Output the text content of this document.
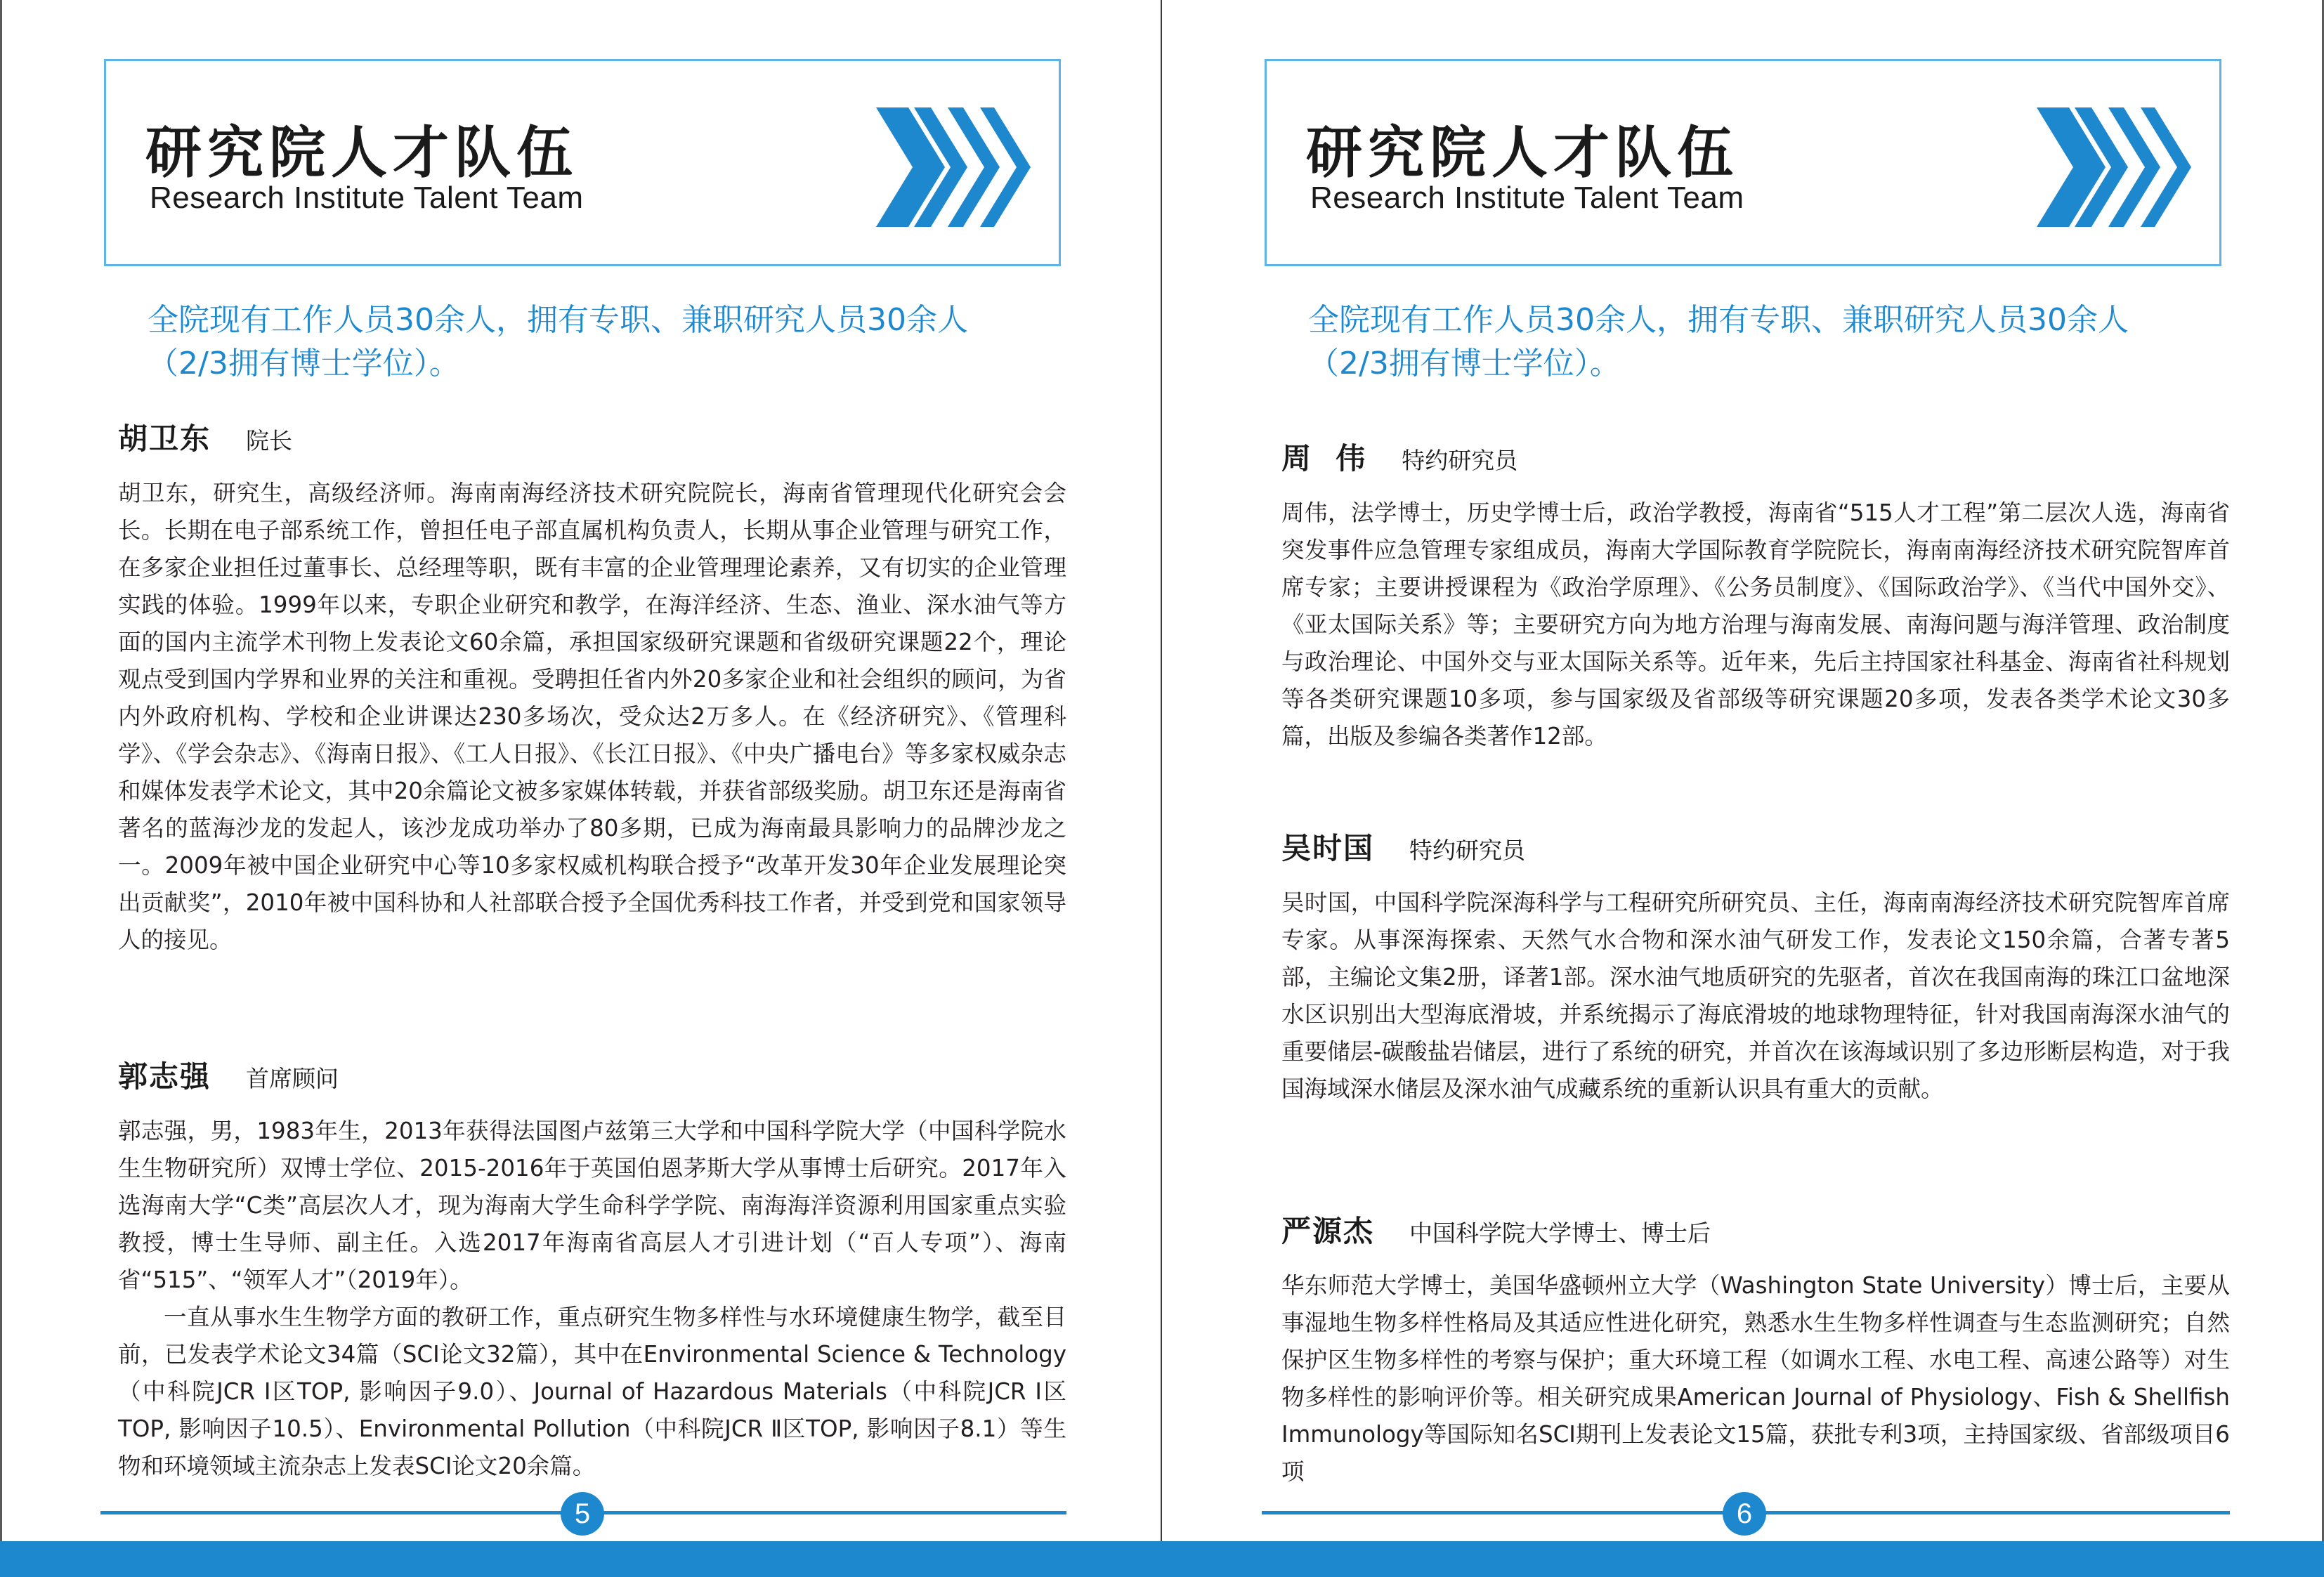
研究院人才队伍
Research Institute Talent Team
全院现有工作人员30余人，拥有专职、兼职研究人员30余人
（2/3拥有博士学位）。
胡卫东 院长

胡卫东，研究生，高级经济师。海南南海经济技术研究院院长，海南省管理现代化研究会会长。长期在电子部系统工作，曾担任电子部直属机构负责人，长期从事企业管理与研究工作，在多家企业担任过董事长、总经理等职，既有丰富的企业管理理论素养，又有切实的企业管理实践的体验。1999年以来，专职企业研究和教学，在海洋经济、生态、渔业、深水油气等方面的国内主流学术刊物上发表论文60余篇，承担国家级研究课题和省级研究课题22个，理论观点受到国内学界和业界的关注和重视。受聘担任省内外20多家企业和社会组织的顾问，为省内外政府机构、学校和企业讲课达230多场次，受众达2万多人。在《经济研究》、《管理科学》、《学会杂志》、《海南日报》、《工人日报》、《长江日报》、《中央广播电台》等多家权威杂志和媒体发表学术论文，其中20余篇论文被多家媒体转载，并获省部级奖励。胡卫东还是海南省著名的蓝海沙龙的发起人，该沙龙成功举办了80多期，已成为海南最具影响力的品牌沙龙之一。2009年被中国企业研究中心等10多家权威机构联合授予“改革开发30年企业发展理论突出贡献奖”，2010年被中国科协和人社部联合授予全国优秀科技工作者，并受到党和国家领导人的接见。

郭志强 首席顾问

郭志强，男，1983年生，2013年获得法国图卢兹第三大学和中国科学院大学（中国科学院水生生物研究所）双博士学位、2015-2016年于英国伯恩茅斯大学从事博士后研究。2017年入选海南大学“C类”高层次人才，现为海南大学生命科学学院、南海海洋资源利用国家重点实验教授，博士生导师、副主任。入选2017年海南省高层人才引进计划（“百人专项”）、海南省“515”、“领军人才”（2019年）。

一直从事水生生物学方面的教研工作，重点研究生物多样性与水环境健康生物学，截至目前，已发表学术论文34篇（SCI论文32篇），其中在Environmental Science & Technology（中科院JCR Ⅰ区TOP, 影响因子9.0）、Journal of Hazardous Materials（中科院JCR Ⅰ区TOP, 影响因子10.5）、Environmental Pollution（中科院JCR Ⅱ区TOP, 影响因子8.1）等生物和环境领域主流杂志上发表SCI论文20余篇。

5
研究院人才队伍
Research Institute Talent Team
全院现有工作人员30余人，拥有专职、兼职研究人员30余人
（2/3拥有博士学位）。
周  伟 特约研究员

周伟，法学博士，历史学博士后，政治学教授，海南省“515人才工程”第二层次人选，海南省突发事件应急管理专家组成员，海南大学国际教育学院院长，海南南海经济技术研究院智库首席专家；主要讲授课程为《政治学原理》、《公务员制度》、《国际政治学》、《当代中国外交》、《亚太国际关系》等；主要研究方向为地方治理与海南发展、南海问题与海洋管理、政治制度与政治理论、中国外交与亚太国际关系等。近年来，先后主持国家社科基金、海南省社科规划等各类研究课题10多项，参与国家级及省部级等研究课题20多项，发表各类学术论文30多篇，出版及参编各类著作12部。

吴时国 特约研究员

吴时国，中国科学院深海科学与工程研究所研究员、主任，海南南海经济技术研究院智库首席专家。从事深海探索、天然气水合物和深水油气研发工作，发表论文150余篇，合著专著5部，主编论文集2册，译著1部。深水油气地质研究的先驱者，首次在我国南海的珠江口盆地深水区识别出大型海底滑坡，并系统揭示了海底滑坡的地球物理特征，针对我国南海深水油气的重要储层-碳酸盐岩储层，进行了系统的研究，并首次在该海域识别了多边形断层构造，对于我国海域深水储层及深水油气成藏系统的重新认识具有重大的贡献。

严源杰 中国科学院大学博士、博士后

华东师范大学博士，美国华盛顿州立大学（Washington State University）博士后，主要从事湿地生物多样性格局及其适应性进化研究，熟悉水生生物多样性调查与生态监测研究；自然保护区生物多样性的考察与保护；重大环境工程（如调水工程、水电工程、高速公路等）对生物多样性的影响评价等。相关研究成果American Journal of Physiology、Fish & Shellfish Immunology等国际知名SCI期刊上发表论文15篇，获批专利3项，主持国家级、省部级项目6项

6
